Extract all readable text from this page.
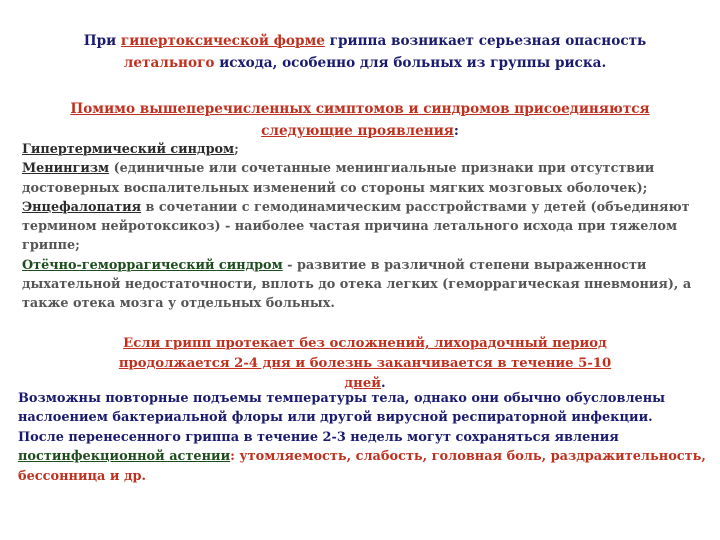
При гипертоксической форме гриппа возникает серьезная опасность
летального исхода, особенно для больных из группы риска.

Помимо вышеперечисленных симптомов и синдромов присоединяются следующие проявления:

Гипертермический синдром;
Менингизм (единичные или сочетанные менингиальные признаки при отсутствии достоверных воспалительных изменений со стороны мягких мозговых оболочек);
Энцефалопатия в сочетании с гемодинамическим расстройствами у детей (объединяют термином нейротоксикоз) - наиболее частая причина летального исхода при тяжелом гриппе;
Отёчно-геморрагический синдром - развитие в различной степени выраженности дыхательной недостаточности, вплоть до отека легких (геморрагическая пневмония), а также отека мозга у отдельных больных.

Если грипп протекает без осложнений, лихорадочный период продолжается 2-4 дня и болезнь заканчивается в течение 5-10 дней.

Возможны повторные подъемы температуры тела, однако они обычно обусловлены наслоением бактериальной флоры или другой вирусной респираторной инфекции.
После перенесенного гриппа в течение 2-3 недель могут сохраняться явления постинфекционной астении: утомляемость, слабость, головная боль, раздражительность, бессонница и др.
